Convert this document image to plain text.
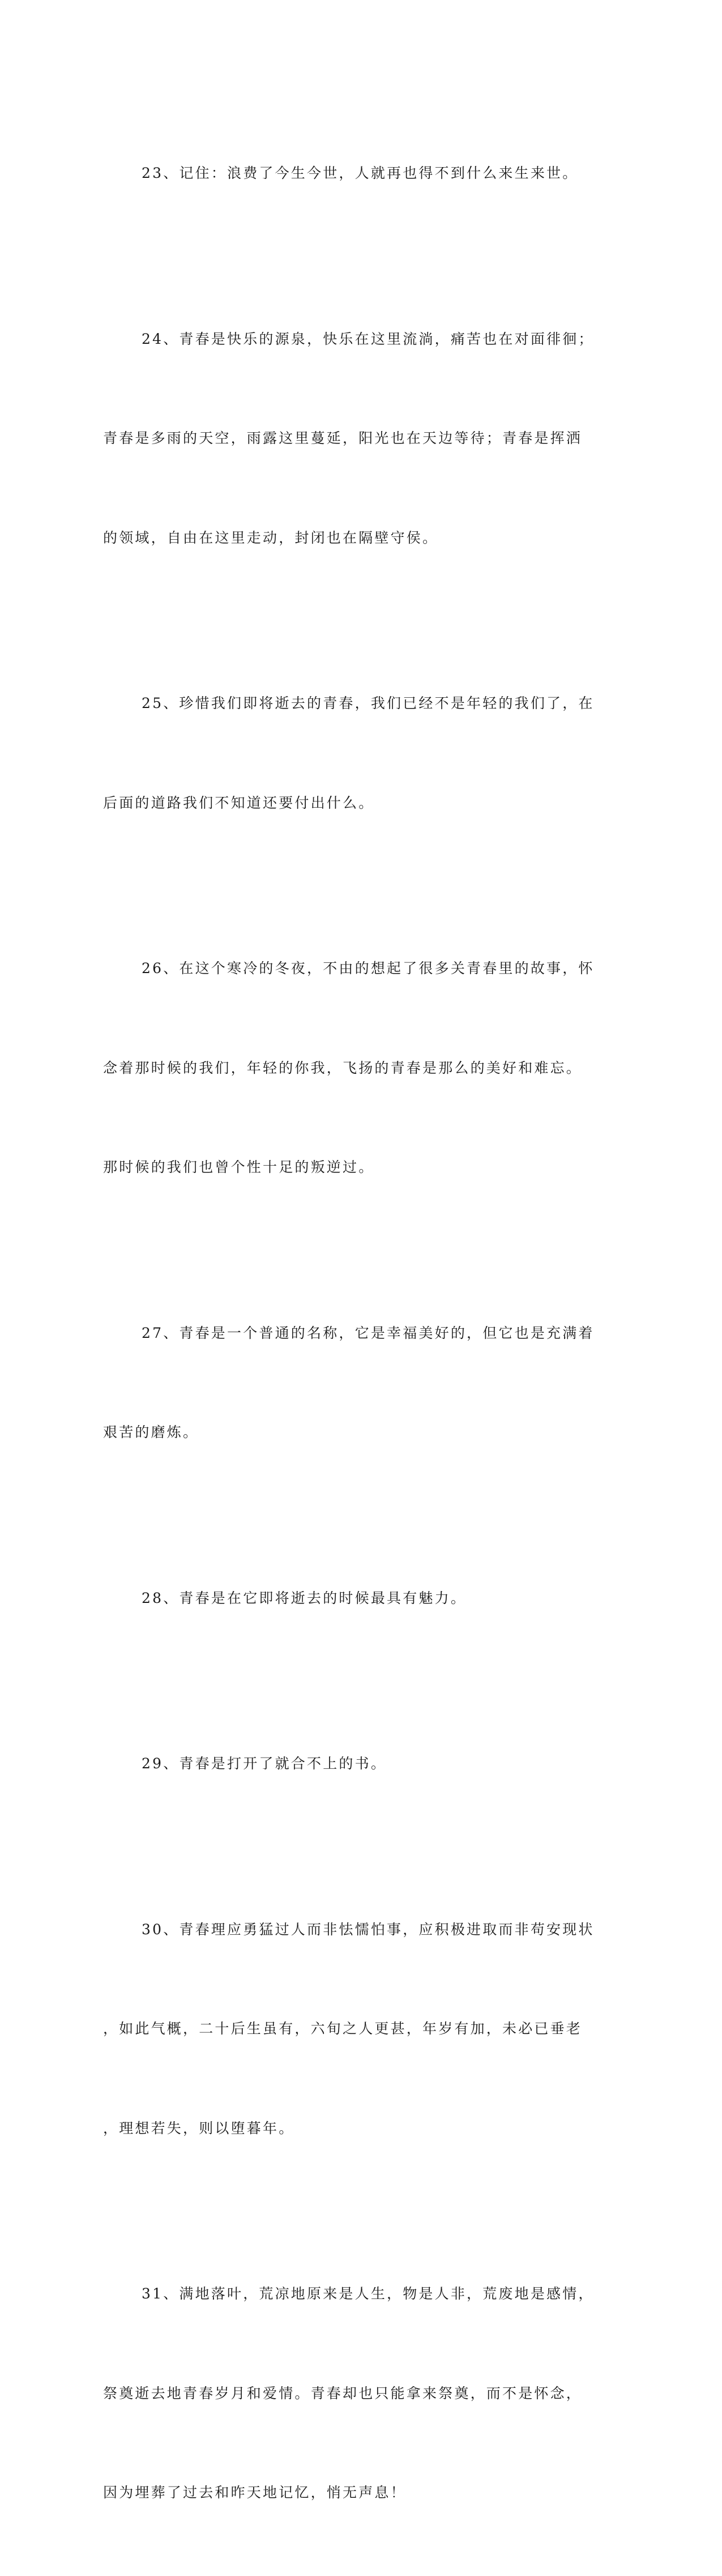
23、记住：浪费了今生今世，人就再也得不到什么来生来世。

24、青春是快乐的源泉，快乐在这里流淌，痛苦也在对面徘徊；

青春是多雨的天空，雨露这里蔓延，阳光也在天边等待；青春是挥洒

的领域，自由在这里走动，封闭也在隔壁守侯。

25、珍惜我们即将逝去的青春，我们已经不是年轻的我们了，在

后面的道路我们不知道还要付出什么。

26、在这个寒冷的冬夜，不由的想起了很多关青春里的故事，怀

念着那时候的我们，年轻的你我，飞扬的青春是那么的美好和难忘。

那时候的我们也曾个性十足的叛逆过。

27、青春是一个普通的名称，它是幸福美好的，但它也是充满着

艰苦的磨炼。

28、青春是在它即将逝去的时候最具有魅力。

29、青春是打开了就合不上的书。

30、青春理应勇猛过人而非怯懦怕事，应积极进取而非苟安现状

，如此气概，二十后生虽有，六旬之人更甚，年岁有加，未必已垂老

，理想若失，则以堕暮年。

31、满地落叶，荒凉地原来是人生，物是人非，荒废地是感情，

祭奠逝去地青春岁月和爱情。青春却也只能拿来祭奠，而不是怀念，

因为埋葬了过去和昨天地记忆，悄无声息！
